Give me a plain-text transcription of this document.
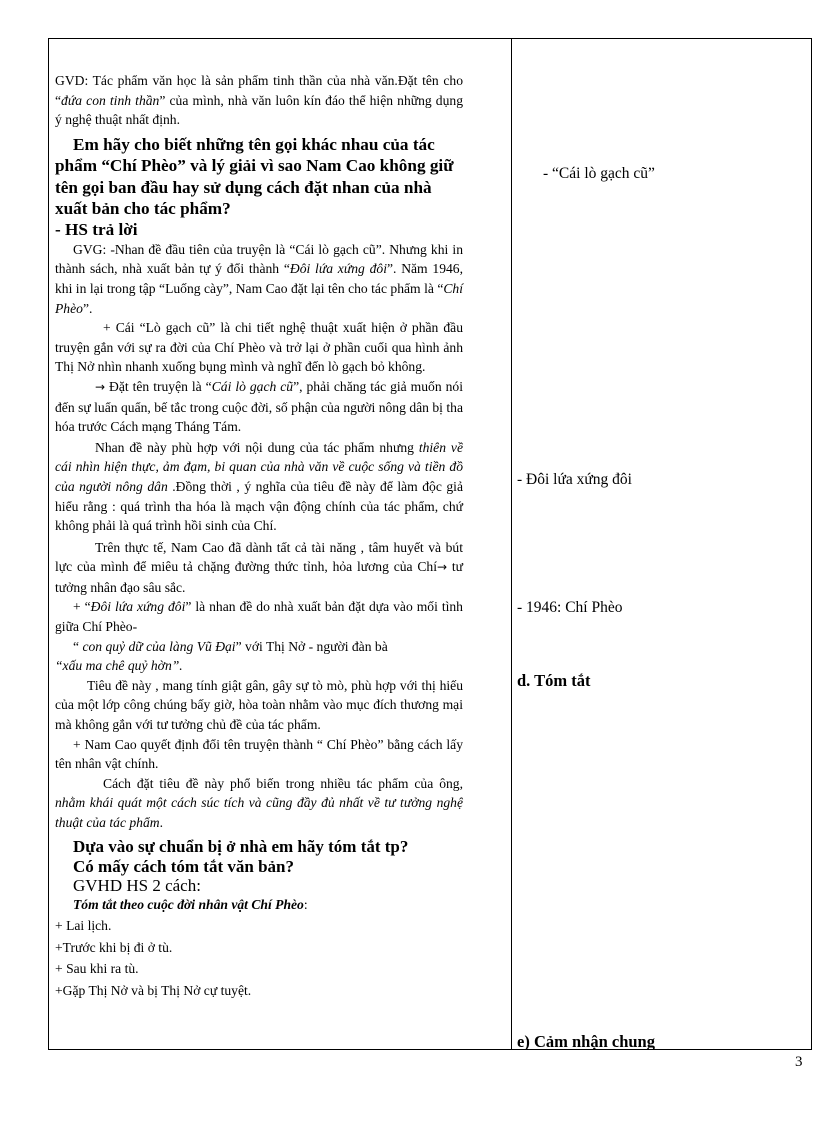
GVD: Tác phẩm văn học là sản phẩm tinh thần của nhà văn.Đặt tên cho “đứa con tinh thần” của mình, nhà văn luôn kín đáo thể hiện những dụng ý nghệ thuật nhất định.

Em hãy cho biết những tên gọi khác nhau của tác phẩm “Chí Phèo” và lý giải vì sao Nam Cao không giữ tên gọi ban đầu hay sử dụng cách đặt nhan của nhà xuất bản cho tác phẩm?

- HS trả lời

GVG: -Nhan đề đầu tiên của truyện là “Cái lò gạch cũ”. Nhưng khi in thành sách, nhà xuất bản tự ý đổi thành “Đôi lứa xứng đôi”. Năm 1946, khi in lại trong tập “Luống cày”, Nam Cao đặt lại tên cho tác phẩm là “Chí Phèo”.

+ Cái “Lò gạch cũ” là chi tiết nghệ thuật xuất hiện ở phần đầu truyện gắn với sự ra đời của Chí Phèo và trở lại ở phần cuối qua hình ảnh Thị Nở nhìn nhanh xuống bụng mình và nghĩ đến lò gạch bỏ không.

→ Đặt tên truyện là “Cái lò gạch cũ”, phải chăng tác giả muốn nói đến sự luẩn quẩn, bế tắc trong cuộc đời, số phận của người nông dân bị tha hóa trước Cách mạng Tháng Tám.

Nhan đề này phù hợp với nội dung của tác phẩm nhưng thiên về cái nhìn hiện thực, ảm đạm, bi quan của nhà văn về cuộc sống và tiền đồ của người nông dân .Đồng thời , ý nghĩa của tiêu đề này để làm độc giả hiểu rằng : quá trình tha hóa là mạch vận động chính của tác phẩm, chứ không phải là quá trình hồi sinh của Chí.

Trên thực tế, Nam Cao đã dành tất cả tài năng , tâm huyết và bút lực của mình để miêu tả chặng đường thức tỉnh, hỏa lương của Chí→ tư tưởng nhân đạo sâu sắc.

+ “Đôi lứa xứng đôi” là nhan đề do nhà xuất bản đặt dựa vào mối tình giữa Chí Phèo-

“ con quỷ dữ của làng Vũ Đại” với Thị Nở - người đàn bà

“xấu ma chê quỷ hờn”.

Tiêu đề này , mang tính giật gân, gây sự tò mò, phù hợp với thị hiếu của một lớp công chúng bấy giờ, hòa toàn nhằm vào mục đích thương mại mà không gắn với tư tưởng chủ đề của tác phẩm.

+ Nam Cao quyết định đổi tên truyện thành “ Chí Phèo” bằng cách lấy tên nhân vật chính.

Cách đặt tiêu đề này phổ biến trong nhiều tác phẩm của ông, nhằm khái quát một cách súc tích và cũng đầy đủ nhất về tư tưởng nghệ thuật của tác phẩm.

Dựa vào sự chuẩn bị ở nhà em hãy tóm tắt tp?

Có mấy cách tóm tắt văn bản?

GVHD HS 2 cách:

Tóm tắt theo cuộc đời nhân vật Chí Phèo:

+ Lai lịch.

+Trước khi bị đi ở tù.

+ Sau khi ra tù.

+Gặp Thị Nở và bị Thị Nở cự tuyệt.

- “Cái lò gạch cũ”
- Đôi lứa xứng đôi
- 1946: Chí Phèo
d. Tóm tắt
e) Cảm nhận chung
3
